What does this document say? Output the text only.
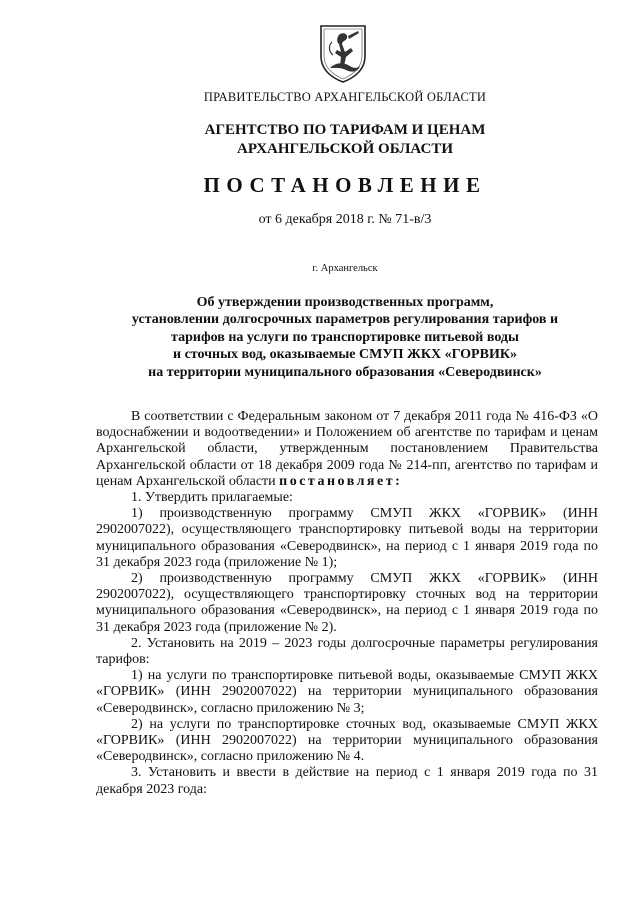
ПРАВИТЕЛЬСТВО АРХАНГЕЛЬСКОЙ ОБЛАСТИ
АГЕНТСТВО ПО ТАРИФАМ И ЦЕНАМ
АРХАНГЕЛЬСКОЙ ОБЛАСТИ
ПОСТАНОВЛЕНИЕ
от 6 декабря 2018 г. № 71-в/3
г. Архангельск
Об утверждении производственных программ,
установлении долгосрочных параметров регулирования тарифов и
тарифов на услуги по транспортировке питьевой воды
и сточных вод, оказываемые СМУП ЖКХ «ГОРВИК»
на территории муниципального образования «Северодвинск»

В соответствии с Федеральным законом от 7 декабря 2011 года № 416-ФЗ «О водоснабжении и водоотведении» и Положением об агентстве по тарифам и ценам Архангельской области, утвержденным постановлением Правительства Архангельской области от 18 декабря 2009 года № 214-пп, агентство по тарифам и ценам Архангельской области постановляет:

1. Утвердить прилагаемые:

1) производственную программу СМУП ЖКХ «ГОРВИК» (ИНН 2902007022), осуществляющего транспортировку питьевой воды на территории муниципального образования «Северодвинск», на период с 1 января 2019 года по 31 декабря 2023 года (приложение № 1);

2) производственную программу СМУП ЖКХ «ГОРВИК» (ИНН 2902007022), осуществляющего транспортировку сточных вод на территории муниципального образования «Северодвинск», на период с 1 января 2019 года по 31 декабря 2023 года (приложение № 2).

2. Установить на 2019 – 2023 годы долгосрочные параметры регулирования тарифов:

1) на услуги по транспортировке питьевой воды, оказываемые СМУП ЖКХ «ГОРВИК» (ИНН 2902007022) на территории муниципального образования «Северодвинск», согласно приложению № 3;

2) на услуги по транспортировке сточных вод, оказываемые СМУП ЖКХ «ГОРВИК» (ИНН 2902007022) на территории муниципального образования «Северодвинск», согласно приложению № 4.

3. Установить и ввести в действие на период с 1 января 2019 года по 31 декабря 2023 года:
